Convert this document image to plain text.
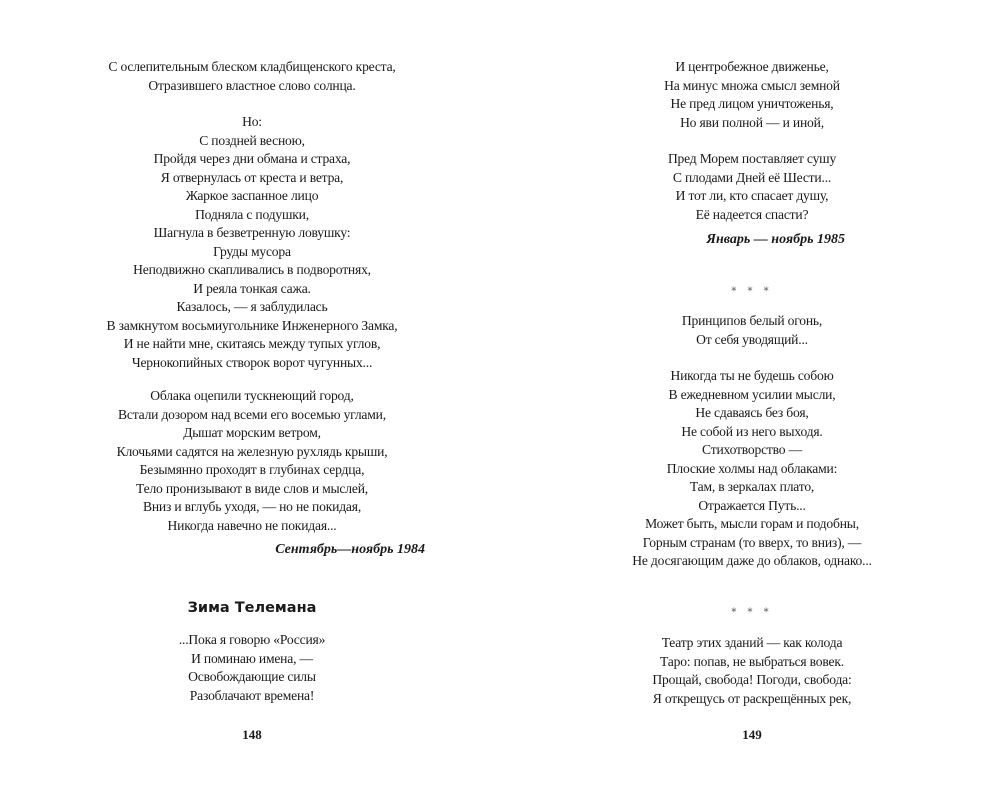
С ослепительным блеском кладбищенского креста,
Отразившего властное слово солнца.
Но:
С поздней весною,
Пройдя через дни обмана и страха,
Я отвернулась от креста и ветра,
Жаркое заспанное лицо
Подняла с подушки,
Шагнула в безветренную ловушку:
Груды мусора
Неподвижно скапливались в подворотнях,
И реяла тонкая сажа.
Казалось, — я заблудилась
В замкнутом восьмиугольнике Инженерного Замка,
И не найти мне, скитаясь между тупых углов,
Чернокопийных створок ворот чугунных...
Облака оцепили тускнеющий город,
Встали дозором над всеми его восемью углами,
Дышат морским ветром,
Клочьями садятся на железную рухлядь крыши,
Безымянно проходят в глубинах сердца,
Тело пронизывают в виде слов и мыслей,
Вниз и вглубь уходя, — но не покидая,
Никогда навечно не покидая...
Сентябрь—ноябрь 1984
Зима Телемана
...Пока я говорю «Россия»
И поминаю имена, —
Освобождающие силы
Разоблачают времена!
148
И центробежное движенье,
На минус множа смысл земной
Не пред лицом уничтоженья,
Но яви полной — и иной,
Пред Морем поставляет сушу
С плодами Дней её Шести...
И тот ли, кто спасает душу,
Её надеется спасти?
Январь — ноябрь 1985
* * *
Принципов белый огонь,
От себя уводящий...
Никогда ты не будешь собою
В ежедневном усилии мысли,
Не сдаваясь без боя,
Не собой из него выходя.
Стихотворство —
Плоские холмы над облаками:
Там, в зеркалах плато,
Отражается Путь...
Может быть, мысли горам и подобны,
Горным странам (то вверх, то вниз), —
Не досягающим даже до облаков, однако...
* * *
Театр этих зданий — как колода
Таро: попав, не выбраться вовек.
Прощай, свобода! Погоди, свобода:
Я открещусь от раскрещённых рек,
149
